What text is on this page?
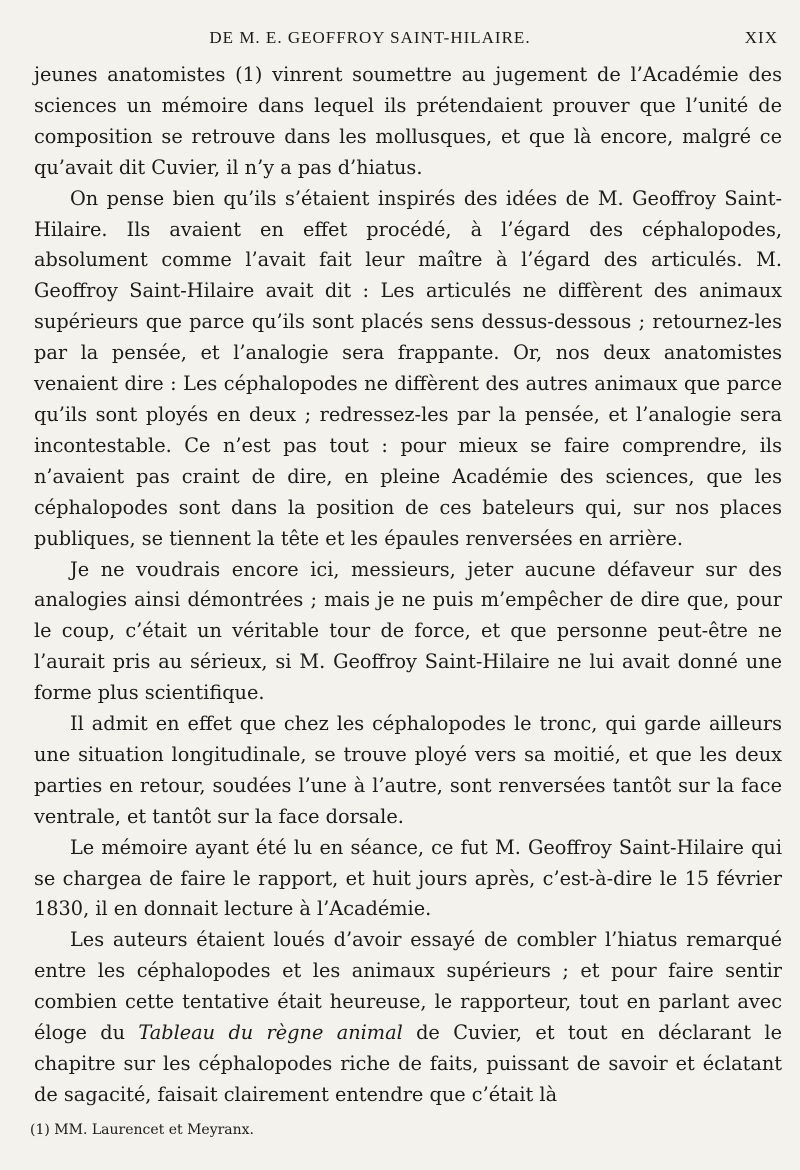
DE M. E. GEOFFROY SAINT-HILAIRE.	XIX

jeunes anatomistes (1) vinrent soumettre au jugement de l’Académie des sciences un mémoire dans lequel ils prétendaient prouver que l’unité de composition se retrouve dans les mollusques, et que là encore, malgré ce qu’avait dit Cuvier, il n’y a pas d’hiatus.

On pense bien qu’ils s’étaient inspirés des idées de M. Geoffroy Saint-Hilaire. Ils avaient en effet procédé, à l’égard des céphalopodes, absolument comme l’avait fait leur maître à l’égard des articulés. M. Geoffroy Saint-Hilaire avait dit : Les articulés ne diffèrent des animaux supérieurs que parce qu’ils sont placés sens dessus-dessous ; retournez-les par la pensée, et l’analogie sera frappante. Or, nos deux anatomistes venaient dire : Les céphalopodes ne diffèrent des autres animaux que parce qu’ils sont ployés en deux ; redressez-les par la pensée, et l’analogie sera incontestable. Ce n’est pas tout : pour mieux se faire comprendre, ils n’avaient pas craint de dire, en pleine Académie des sciences, que les céphalopodes sont dans la position de ces bateleurs qui, sur nos places publiques, se tiennent la tête et les épaules renversées en arrière.

Je ne voudrais encore ici, messieurs, jeter aucune défaveur sur des analogies ainsi démontrées ; mais je ne puis m’empêcher de dire que, pour le coup, c’était un véritable tour de force, et que personne peut-être ne l’aurait pris au sérieux, si M. Geoffroy Saint-Hilaire ne lui avait donné une forme plus scientifique.

Il admit en effet que chez les céphalopodes le tronc, qui garde ailleurs une situation longitudinale, se trouve ployé vers sa moitié, et que les deux parties en retour, soudées l’une à l’autre, sont renversées tantôt sur la face ventrale, et tantôt sur la face dorsale.

Le mémoire ayant été lu en séance, ce fut M. Geoffroy Saint-Hilaire qui se chargea de faire le rapport, et huit jours après, c’est-à-dire le 15 février 1830, il en donnait lecture à l’Académie.

Les auteurs étaient loués d’avoir essayé de combler l’hiatus remarqué entre les céphalopodes et les animaux supérieurs ; et pour faire sentir combien cette tentative était heureuse, le rapporteur, tout en parlant avec éloge du Tableau du règne animal de Cuvier, et tout en déclarant le chapitre sur les céphalopodes riche de faits, puissant de savoir et éclatant de sagacité, faisait clairement entendre que c’était là

(1) MM. Laurencet et Meyranx.
